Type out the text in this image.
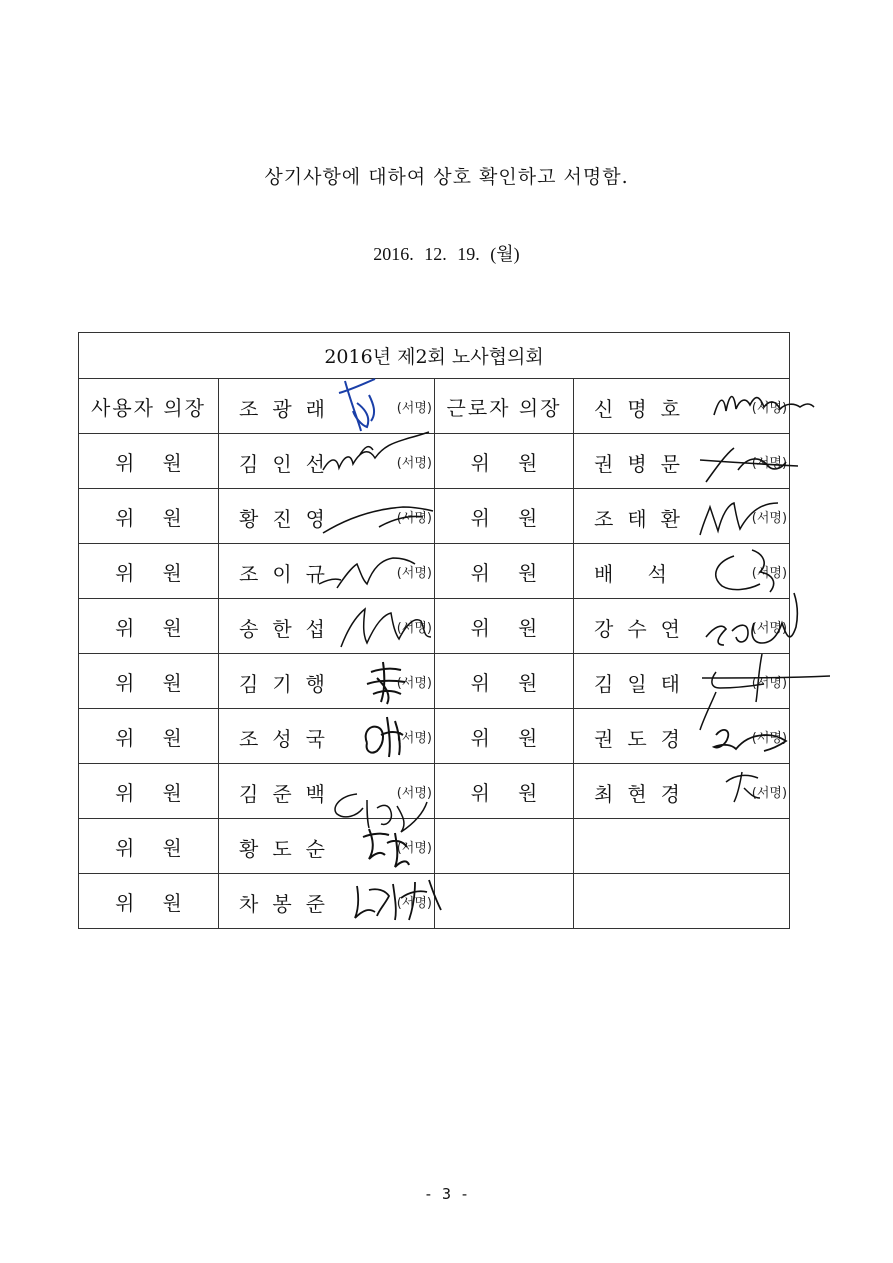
상기사항에 대하여 상호 확인하고 서명함.
2016. 12. 19. (월)
2016년 제2회 노사협의회			
사용자 의장	조광래 (서명)	근로자 의장	신명호 (서명)

위원	김인선 (서명)	위원	권병문 (서명)

위원	황진영 (서명)	위원	조태환 (서명)

위원	조이규 (서명)	위원	배 석 (서명)

위원	송한섭 (서명)	위원	강수연 (서명)

위원	김기행 (서명)	위원	김일태 (서명)

위원	조성국 (서명)	위원	권도경 (서명)

위원	김준백 (서명)	위원	최현경 (서명)

위원	황도순 (서명)		

위원	차봉준 (서명)		

- 3 -
